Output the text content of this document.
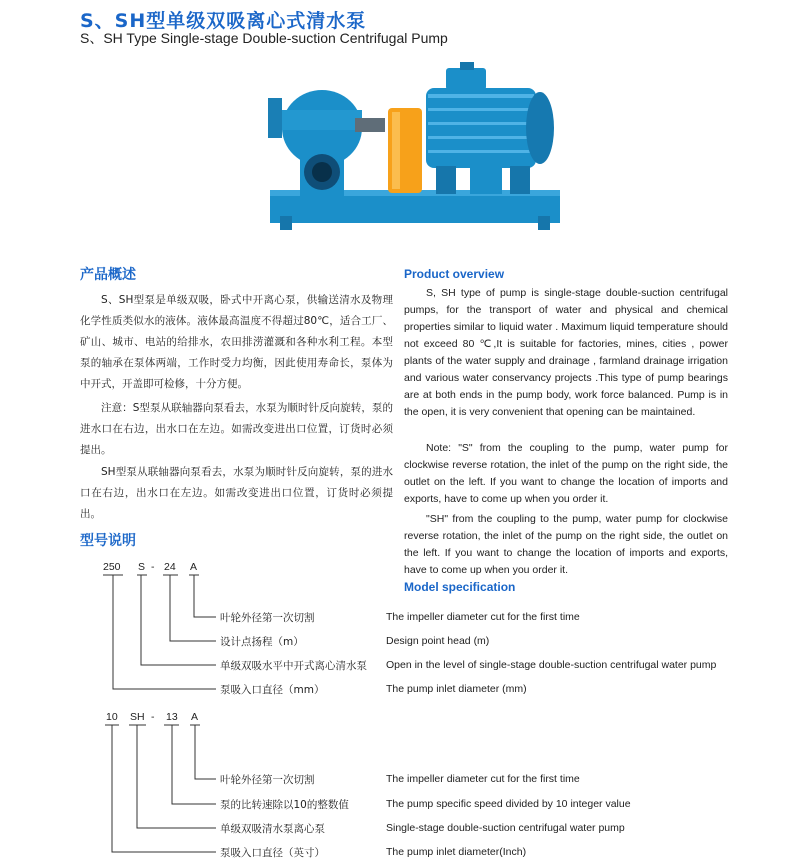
S、SH型单级双吸离心式清水泵
S、SH Type Single-stage Double-suction Centrifugal Pump
产品概述

S、SH型泵是单级双吸，卧式中开离心泵，供输送清水及物理化学性质类似水的液体。液体最高温度不得超过80℃，适合工厂、矿山、城市、电站的给排水，农田排涝灌溉和各种水利工程。本型泵的轴承在泵体两端，工作时受力均衡，因此使用寿命长，泵体为中开式，开盖即可检修，十分方便。

注意：S型泵从联轴器向泵看去，水泵为顺时针反向旋转，泵的进水口在右边，出水口在左边。如需改变进出口位置，订货时必须提出。

SH型泵从联轴器向泵看去，水泵为顺时针反向旋转，泵的进水口在右边，出水口在左边。如需改变进出口位置，订货时必须提出。

型号说明
Product overview

S, SH type of pump is single-stage double-suction centrifugal pumps, for the transport of water and physical and chemical properties similar to liquid water . Maximum liquid temperature should not exceed 80 ℃,It is suitable for factories, mines, cities , power plants of the water supply and drainage , farmland drainage irrigation and various water conservancy projects .This type of pump bearings are at both ends in the pump body, work force balanced. Pump is in the open, it is very convenient that opening can be maintained.

Note: "S" from the coupling to the pump, water pump for clockwise reverse rotation, the inlet of the pump on the right side, the outlet on the left. If you want to change the location of imports and exports, have to come up when you order it.

"SH" from the coupling to the pump, water pump for clockwise reverse rotation, the inlet of the pump on the right side, the outlet on the left. If you want to change the location of imports and exports, have to come up when you order it.

Model specification
250 S - 24 A
叶轮外径第一次切割	The impeller diameter cut for the first time
设计点扬程（m）	Design point head (m)
单级双吸水平中开式离心清水泵 Open in the level of single-stage double-suction centrifugal water pump
泵吸入口直径（mm）	The pump inlet diameter (mm)
10 SH - 13 A
叶轮外径第一次切割	The impeller diameter cut for the first time
泵的比转速除以10的整数值	The pump specific speed divided by 10 integer value
单级双吸清水泵离心泵	Single-stage double-suction centrifugal water pump
泵吸入口直径（英寸）	The pump inlet diameter(Inch)
